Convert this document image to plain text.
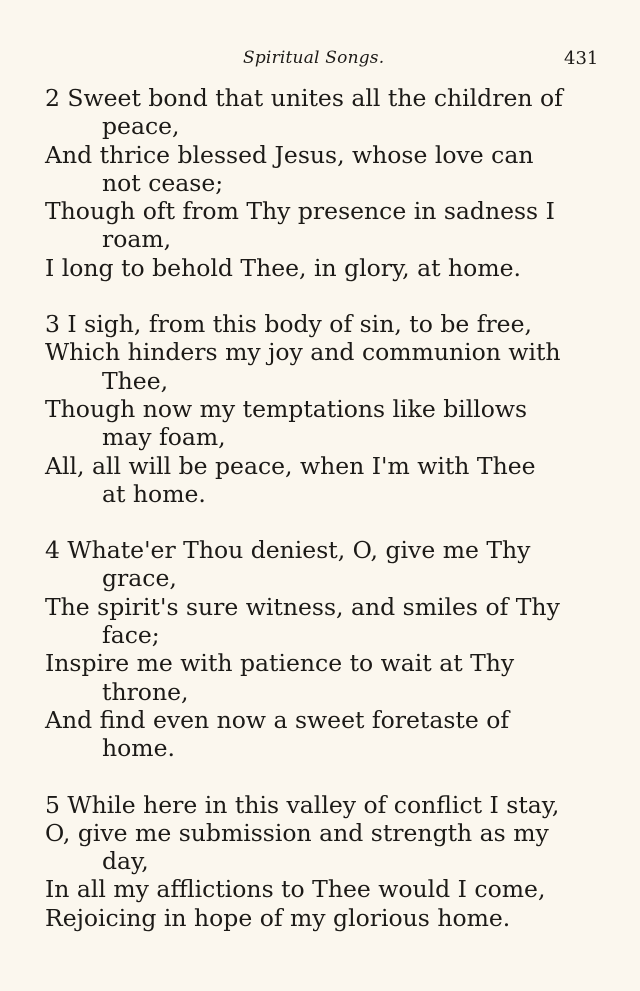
Spiritual Songs.	431
2 Sweet bond that unites all the children of
peace,
And thrice blessed Jesus, whose love can
not cease;
Though oft from Thy presence in sadness I
roam,
I long to behold Thee, in glory, at home.
3 I sigh, from this body of sin, to be free,
Which hinders my joy and communion with
Thee,
Though now my temptations like billows
may foam,
All, all will be peace, when I'm with Thee
at home.
4 Whate'er Thou deniest, O, give me Thy
grace,
The spirit's sure witness, and smiles of Thy
face;
Inspire me with patience to wait at Thy
throne,
And find even now a sweet foretaste of
home.
5 While here in this valley of conflict I stay,
O, give me submission and strength as my
day,
In all my afflictions to Thee would I come,
Rejoicing in hope of my glorious home.
